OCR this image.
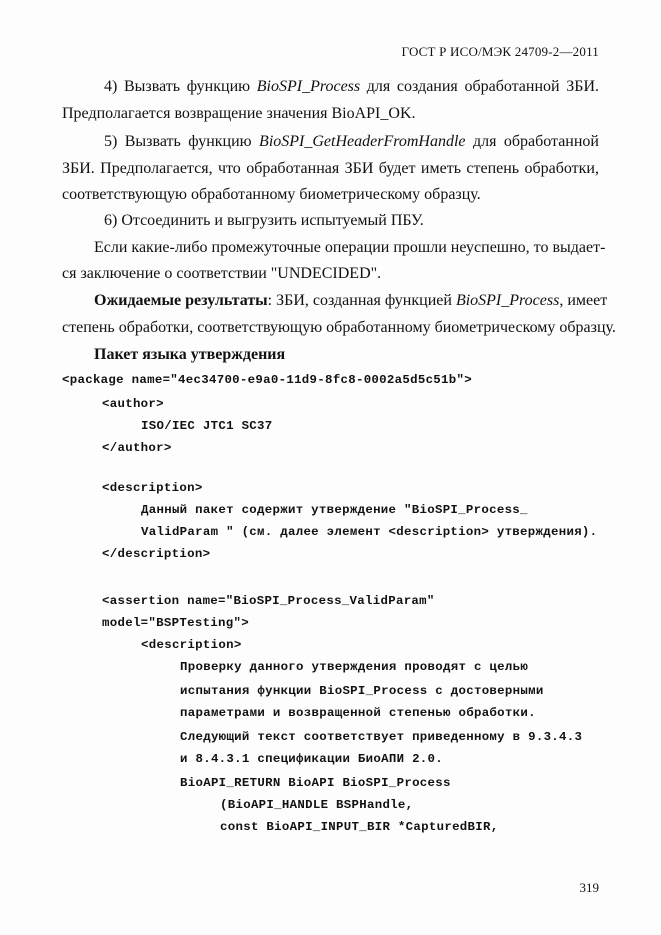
ГОСТ Р ИСО/МЭК 24709-2—2011
4) Вызвать функцию BioSPI_Process для создания обработанной ЗБИ.
Предполагается возвращение значения BioAPI_OK.
5) Вызвать функцию BioSPI_GetHeaderFromHandle для обработанной
ЗБИ. Предполагается, что обработанная ЗБИ будет иметь степень обработки,
соответствующую обработанному биометрическому образцу.
6) Отсоединить и выгрузить испытуемый ПБУ.
Если какие-либо промежуточные операции прошли неуспешно, то выдает-
ся заключение о соответствии "UNDECIDED".
Ожидаемые результаты: ЗБИ, созданная функцией BioSPI_Process, имеет
степень обработки, соответствующую обработанному биометрическому образцу.
Пакет языка утверждения
<package name="4ec34700-e9a0-11d9-8fc8-0002a5d5c51b">
<author>
ISO/IEC JTC1 SC37
</author>
<description>
Данный пакет содержит утверждение "BioSPI_Process_
ValidParam " (см. далее элемент <description> утверждения).
</description>
<assertion name="BioSPI_Process_ValidParam"
model="BSPTesting">
<description>
Проверку данного утверждения проводят с целью
испытания функции BioSPI_Process с достоверными
параметрами и возвращенной степенью обработки.
Следующий текст соответствует приведенному в 9.3.4.3
и 8.4.3.1 спецификации БиоАПИ 2.0.
BioAPI_RETURN BioAPI BioSPI_Process
(BioAPI_HANDLE BSPHandle,
const BioAPI_INPUT_BIR *CapturedBIR,
319
